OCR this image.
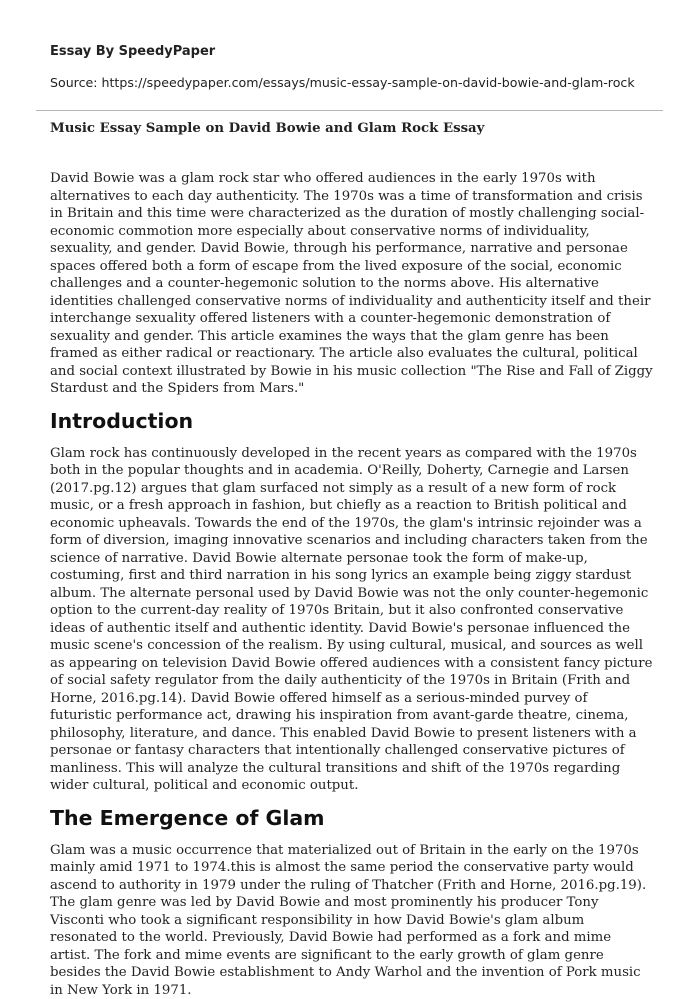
Essay By SpeedyPaper
Source: https://speedypaper.com/essays/music-essay-sample-on-david-bowie-and-glam-rock
Music Essay Sample on David Bowie and Glam Rock Essay

David Bowie was a glam rock star who offered audiences in the early 1970s with alternatives to each day authenticity. The 1970s was a time of transformation and crisis in Britain and this time were characterized as the duration of mostly challenging social-economic commotion more especially about conservative norms of individuality, sexuality, and gender. David Bowie, through his performance, narrative and personae spaces offered both a form of escape from the lived exposure of the social, economic challenges and a counter-hegemonic solution to the norms above. His alternative identities challenged conservative norms of individuality and authenticity itself and their interchange sexuality offered listeners with a counter-hegemonic demonstration of sexuality and gender. This article examines the ways that the glam genre has been framed as either radical or reactionary. The article also evaluates the cultural, political and social context illustrated by Bowie in his music collection "The Rise and Fall of Ziggy Stardust and the Spiders from Mars."

Introduction

Glam rock has continuously developed in the recent years as compared with the 1970s both in the popular thoughts and in academia. O'Reilly, Doherty, Carnegie and Larsen (2017.pg.12) argues that glam surfaced not simply as a result of a new form of rock music, or a fresh approach in fashion, but chiefly as a reaction to British political and economic upheavals. Towards the end of the 1970s, the glam's intrinsic rejoinder was a form of diversion, imaging innovative scenarios and including characters taken from the science of narrative. David Bowie alternate personae took the form of make-up, costuming, first and third narration in his song lyrics an example being ziggy stardust album. The alternate personal used by David Bowie was not the only counter-hegemonic option to the current-day reality of 1970s Britain, but it also confronted conservative ideas of authentic itself and authentic identity. David Bowie's personae influenced the music scene's concession of the realism. By using cultural, musical, and sources as well as appearing on television David Bowie offered audiences with a consistent fancy picture of social safety regulator from the daily authenticity of the 1970s in Britain (Frith and Horne, 2016.pg.14). David Bowie offered himself as a serious-minded purvey of futuristic performance act, drawing his inspiration from avant-garde theatre, cinema, philosophy, literature, and dance. This enabled David Bowie to present listeners with a personae or fantasy characters that intentionally challenged conservative pictures of manliness. This will analyze the cultural transitions and shift of the 1970s regarding wider cultural, political and economic output.

The Emergence of Glam

Glam was a music occurrence that materialized out of Britain in the early on the 1970s mainly amid 1971 to 1974.this is almost the same period the conservative party would ascend to authority in 1979 under the ruling of Thatcher (Frith and Horne, 2016.pg.19). The glam genre was led by David Bowie and most prominently his producer Tony Visconti who took a significant responsibility in how David Bowie's glam album resonated to the world. Previously, David Bowie had performed as a fork and mime artist. The fork and mime events are significant to the early growth of glam genre besides the David Bowie establishment to Andy Warhol and the invention of Pork music in New York in 1971.
